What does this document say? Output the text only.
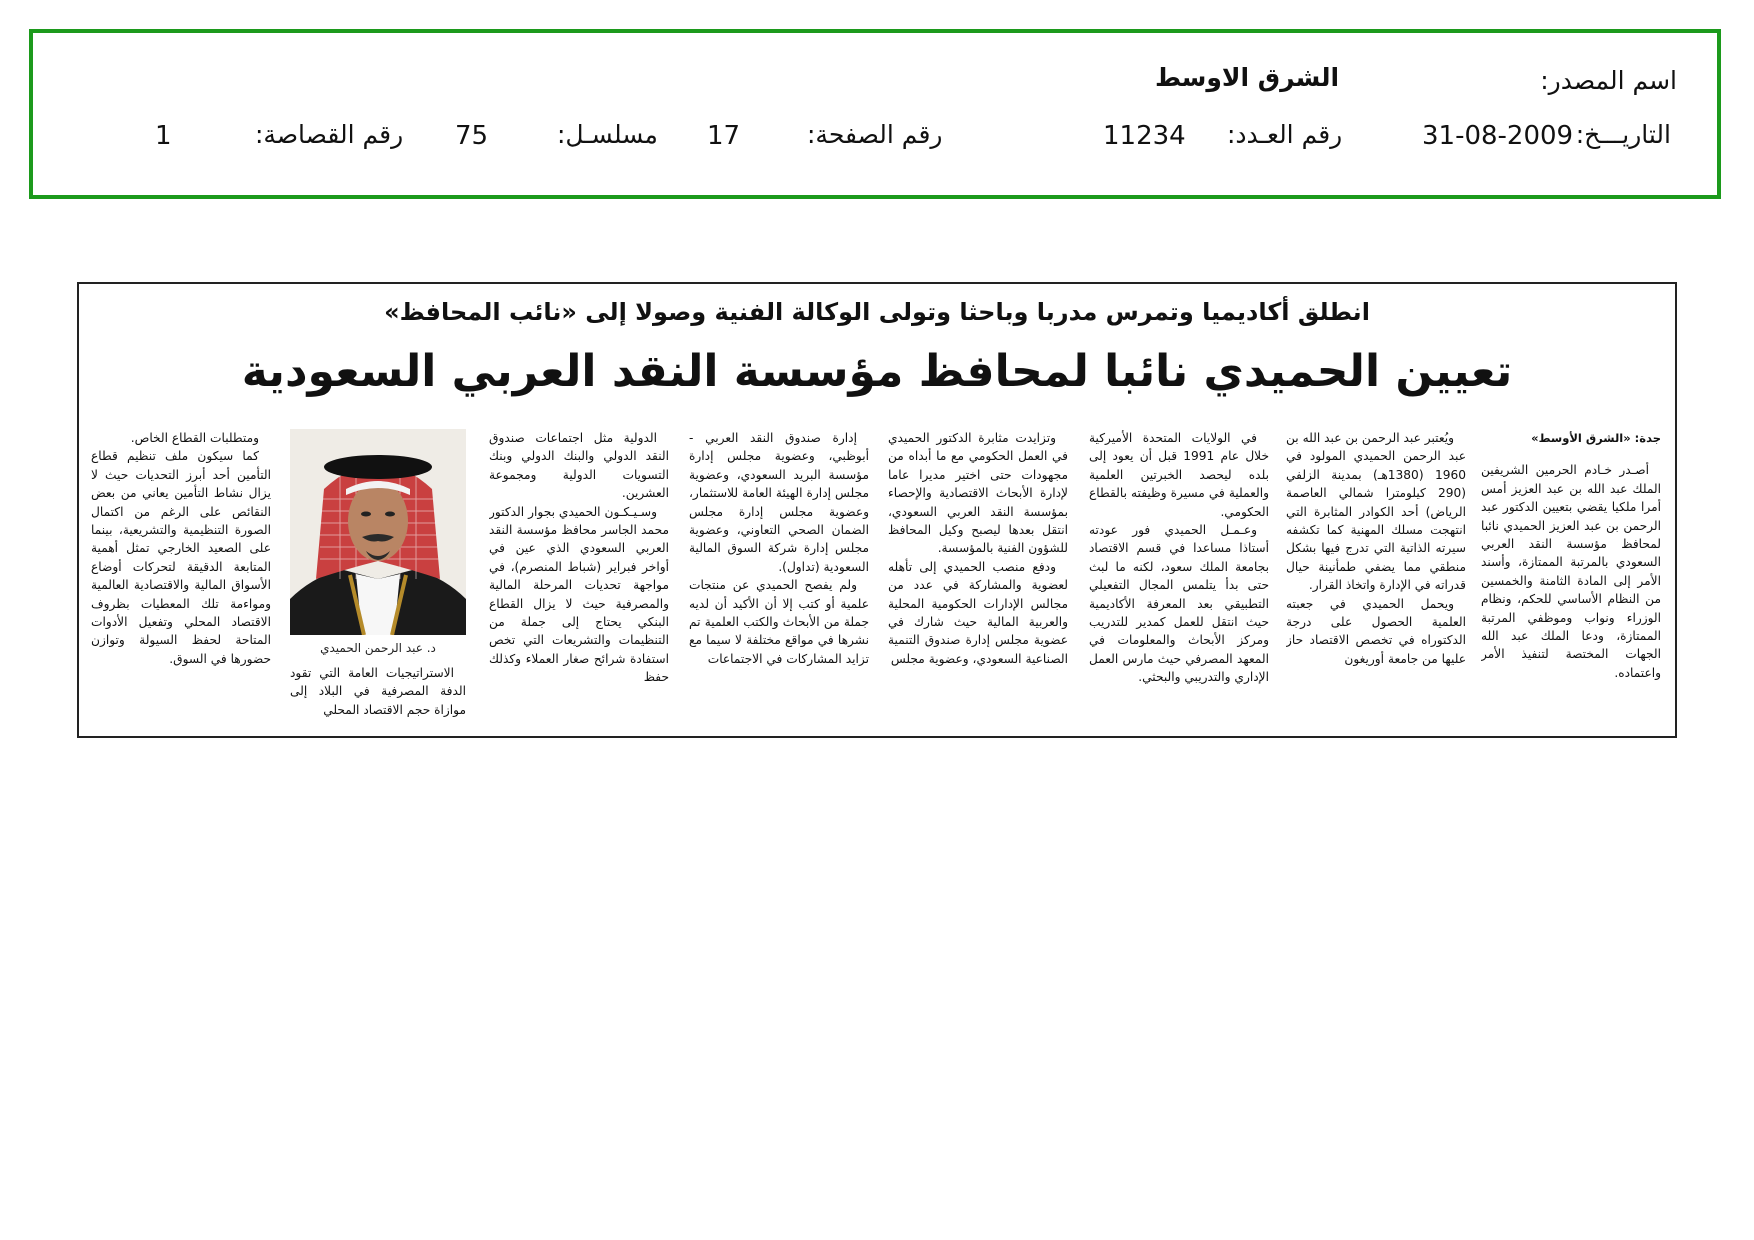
اسم المصدر:
الشرق الاوسط
التاريـــخ:
31-08-2009
رقم العـدد:
11234
رقم الصفحة:
17
مسلسـل:
75
رقم القصاصة:
1
انطلق أكاديميا وتمرس مدربا وباحثا وتولى الوكالة الفنية وصولا إلى «نائب المحافظ»
تعيين الحميدي نائبا لمحافظ مؤسسة النقد العربي السعودية
جدة: «الشرق الأوسط»
أصـدر خـادم الحرمين الشريفين الملك عبد الله بن عبد العزيز أمس أمرا ملكيا يقضي بتعيين الدكتور عبد الرحمن بن عبد العزيز الحميدي نائبا لمحافظ مؤسسة النقد العربي السعودي بالمرتبة الممتازة، وأسند الأمر إلى المادة الثامنة والخمسين من النظام الأساسي للحكم، ونظام الوزراء ونواب وموظفي المرتبة الممتازة، ودعا الملك عبد الله الجهات المختصة لتنفيذ الأمر واعتماده.
ويُعتبر عبد الرحمن بن عبد الله بن عبد الرحمن الحميدي المولود في 1960 (1380هـ) بمدينة الزلفي (290 كيلومترا شمالي العاصمة الرياض) أحد الكوادر المثابرة التي انتهجت مسلك المهنية كما تكشفه سيرته الذاتية التي تدرج فيها بشكل منطقي مما يضفي طمأنينة حيال قدراته في الإدارة واتخاذ القرار.
ويحمل الحميدي في جعبته العلمية الحصول على درجة الدكتوراه في تخصص الاقتصاد حاز عليها من جامعة أوريغون
في الولايات المتحدة الأميركية خلال عام 1991 قبل أن يعود إلى بلده ليحصد الخبرتين العلمية والعملية في مسيرة وظيفته بالقطاع الحكومي.
وعـمـل الحميدي فور عودته أستاذا مساعدا في قسم الاقتصاد بجامعة الملك سعود، لكنه ما لبث حتى بدأ يتلمس المجال التفعيلي التطبيقي بعد المعرفة الأكاديمية حيث انتقل للعمل كمدير للتدريب ومركز الأبحاث والمعلومات في المعهد المصرفي حيث مارس العمل الإداري والتدريبي والبحثي.
وتزايدت مثابرة الدكتور الحميدي في العمل الحكومي مع ما أبداه من مجهودات حتى اختير مديرا عاما لإدارة الأبحاث الاقتصادية والإحصاء بمؤسسة النقد العربي السعودي، انتقل بعدها ليصبح وكيل المحافظ للشؤون الفنية بالمؤسسة.
ودفع منصب الحميدي إلى تأهله لعضوية والمشاركة في عدد من مجالس الإدارات الحكومية المحلية والعربية المالية حيث شارك في عضوية مجلس إدارة صندوق التنمية الصناعية السعودي، وعضوية مجلس
إدارة صندوق النقد العربي - أبوظبي، وعضوية مجلس إدارة مؤسسة البريد السعودي، وعضوية مجلس إدارة الهيئة العامة للاستثمار، وعضوية مجلس إدارة مجلس الضمان الصحي التعاوني، وعضوية مجلس إدارة شركة السوق المالية السعودية (تداول).
ولم يفصح الحميدي عن منتجات علمية أو كتب إلا أن الأكيد أن لديه جملة من الأبحاث والكتب العلمية تم نشرها في مواقع مختلفة لا سيما مع تزايد المشاركات في الاجتماعات
الدولية مثل اجتماعات صندوق النقد الدولي والبنك الدولي وبنك التسويات الدولية ومجموعة العشرين.
وسـيـكـون الحميدي بجوار الدكتور محمد الجاسر محافظ مؤسسة النقد العربي السعودي الذي عين في أواخر فبراير (شباط المنصرم)، في مواجهة تحديات المرحلة المالية والمصرفية حيث لا يزال القطاع البنكي يحتاج إلى جملة من التنظيمات والتشريعات التي تخص استفادة شرائح صغار العملاء وكذلك حفظ
د. عبد الرحمن الحميدي
الاستراتيجيات العامة التي تقود الدفة المصرفية في البلاد إلى موازاة حجم الاقتصاد المحلي
ومتطلبات القطاع الخاص.
كما سيكون ملف تنظيم قطاع التأمين أحد أبرز التحديات حيث لا يزال نشاط التأمين يعاني من بعض النقائص على الرغم من اكتمال الصورة التنظيمية والتشريعية، بينما على الصعيد الخارجي تمثل أهمية المتابعة الدقيقة لتحركات أوضاع الأسواق المالية والاقتصادية العالمية ومواءمة تلك المعطيات بظروف الاقتصاد المحلي وتفعيل الأدوات المتاحة لحفظ السيولة وتوازن حضورها في السوق.
